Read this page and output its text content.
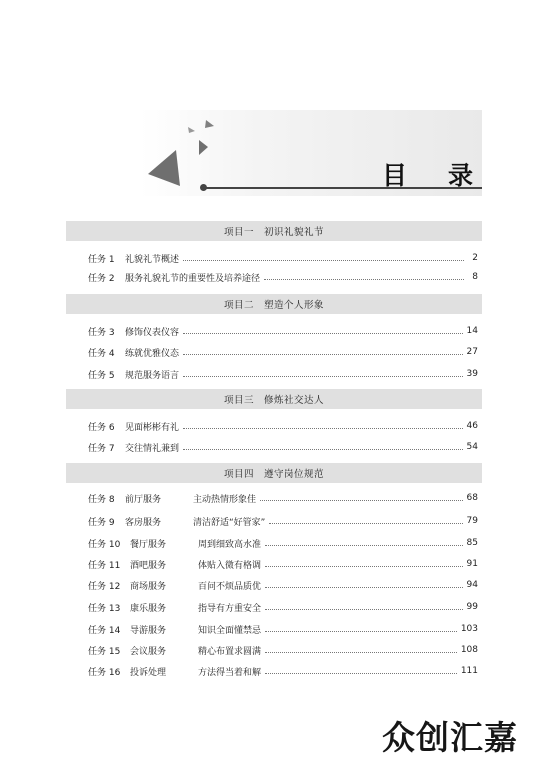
目 录
项目一 初识礼貌礼节
任务 1	礼貌礼节概述	2
任务 2	服务礼貌礼节的重要性及培养途径	8
项目二 塑造个人形象
任务 3	修饰仪表仪容	14
任务 4	练就优雅仪态	27
任务 5	规范服务语言	39
项目三 修炼社交达人
任务 6	见面彬彬有礼	46
任务 7	交往情礼兼到	54
项目四 遵守岗位规范
任务 8	前厅服务	主动热情形象佳	68
任务 9	客房服务	清洁舒适“好管家”	79
任务 10	餐厅服务	周到细致高水准	85
任务 11	酒吧服务	体贴入微有格调	91
任务 12	商场服务	百问不烦品质优	94
任务 13	康乐服务	指导有方重安全	99
任务 14	导游服务	知识全面懂禁忌	103
任务 15	会议服务	精心布置求圆满	108
任务 16	投诉处理	方法得当着和解	111
众创汇嘉
